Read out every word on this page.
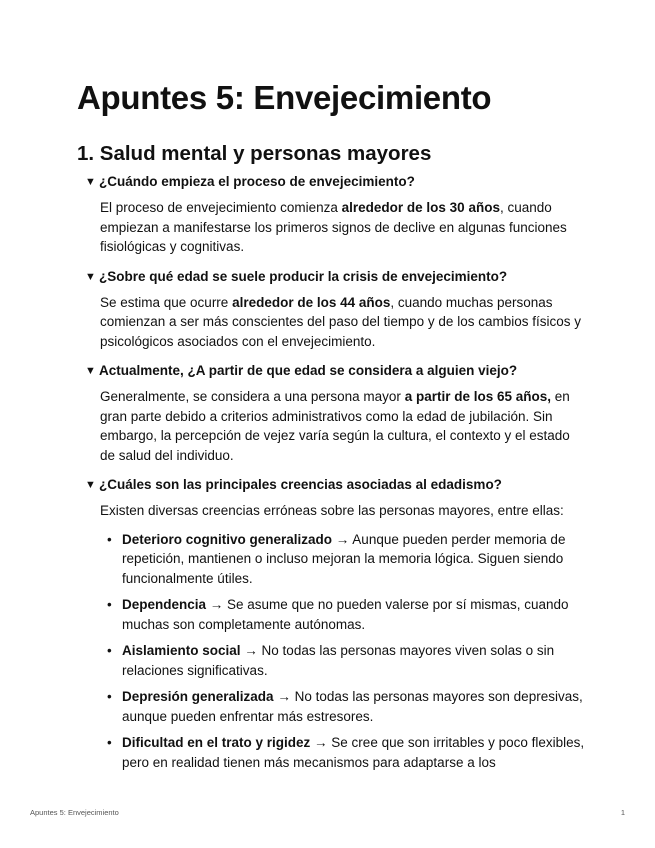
Apuntes 5: Envejecimiento
1. Salud mental y personas mayores
▼ ¿Cuándo empieza el proceso de envejecimiento?

El proceso de envejecimiento comienza alrededor de los 30 años, cuando empiezan a manifestarse los primeros signos de declive en algunas funciones fisiológicas y cognitivas.

▼ ¿Sobre qué edad se suele producir la crisis de envejecimiento?

Se estima que ocurre alrededor de los 44 años, cuando muchas personas comienzan a ser más conscientes del paso del tiempo y de los cambios físicos y psicológicos asociados con el envejecimiento.

▼ Actualmente, ¿A partir de que edad se considera a alguien viejo?

Generalmente, se considera a una persona mayor a partir de los 65 años, en gran parte debido a criterios administrativos como la edad de jubilación. Sin embargo, la percepción de vejez varía según la cultura, el contexto y el estado de salud del individuo.

▼ ¿Cuáles son las principales creencias asociadas al edadismo?

Existen diversas creencias erróneas sobre las personas mayores, entre ellas:

• Deterioro cognitivo generalizado → Aunque pueden perder memoria de repetición, mantienen o incluso mejoran la memoria lógica. Siguen siendo funcionalmente útiles.
• Dependencia → Se asume que no pueden valerse por sí mismas, cuando muchas son completamente autónomas.
• Aislamiento social → No todas las personas mayores viven solas o sin relaciones significativas.
• Depresión generalizada → No todas las personas mayores son depresivas, aunque pueden enfrentar más estresores.
• Dificultad en el trato y rigidez → Se cree que son irritables y poco flexibles, pero en realidad tienen más mecanismos para adaptarse a los
Apuntes 5: Envejecimiento	1
